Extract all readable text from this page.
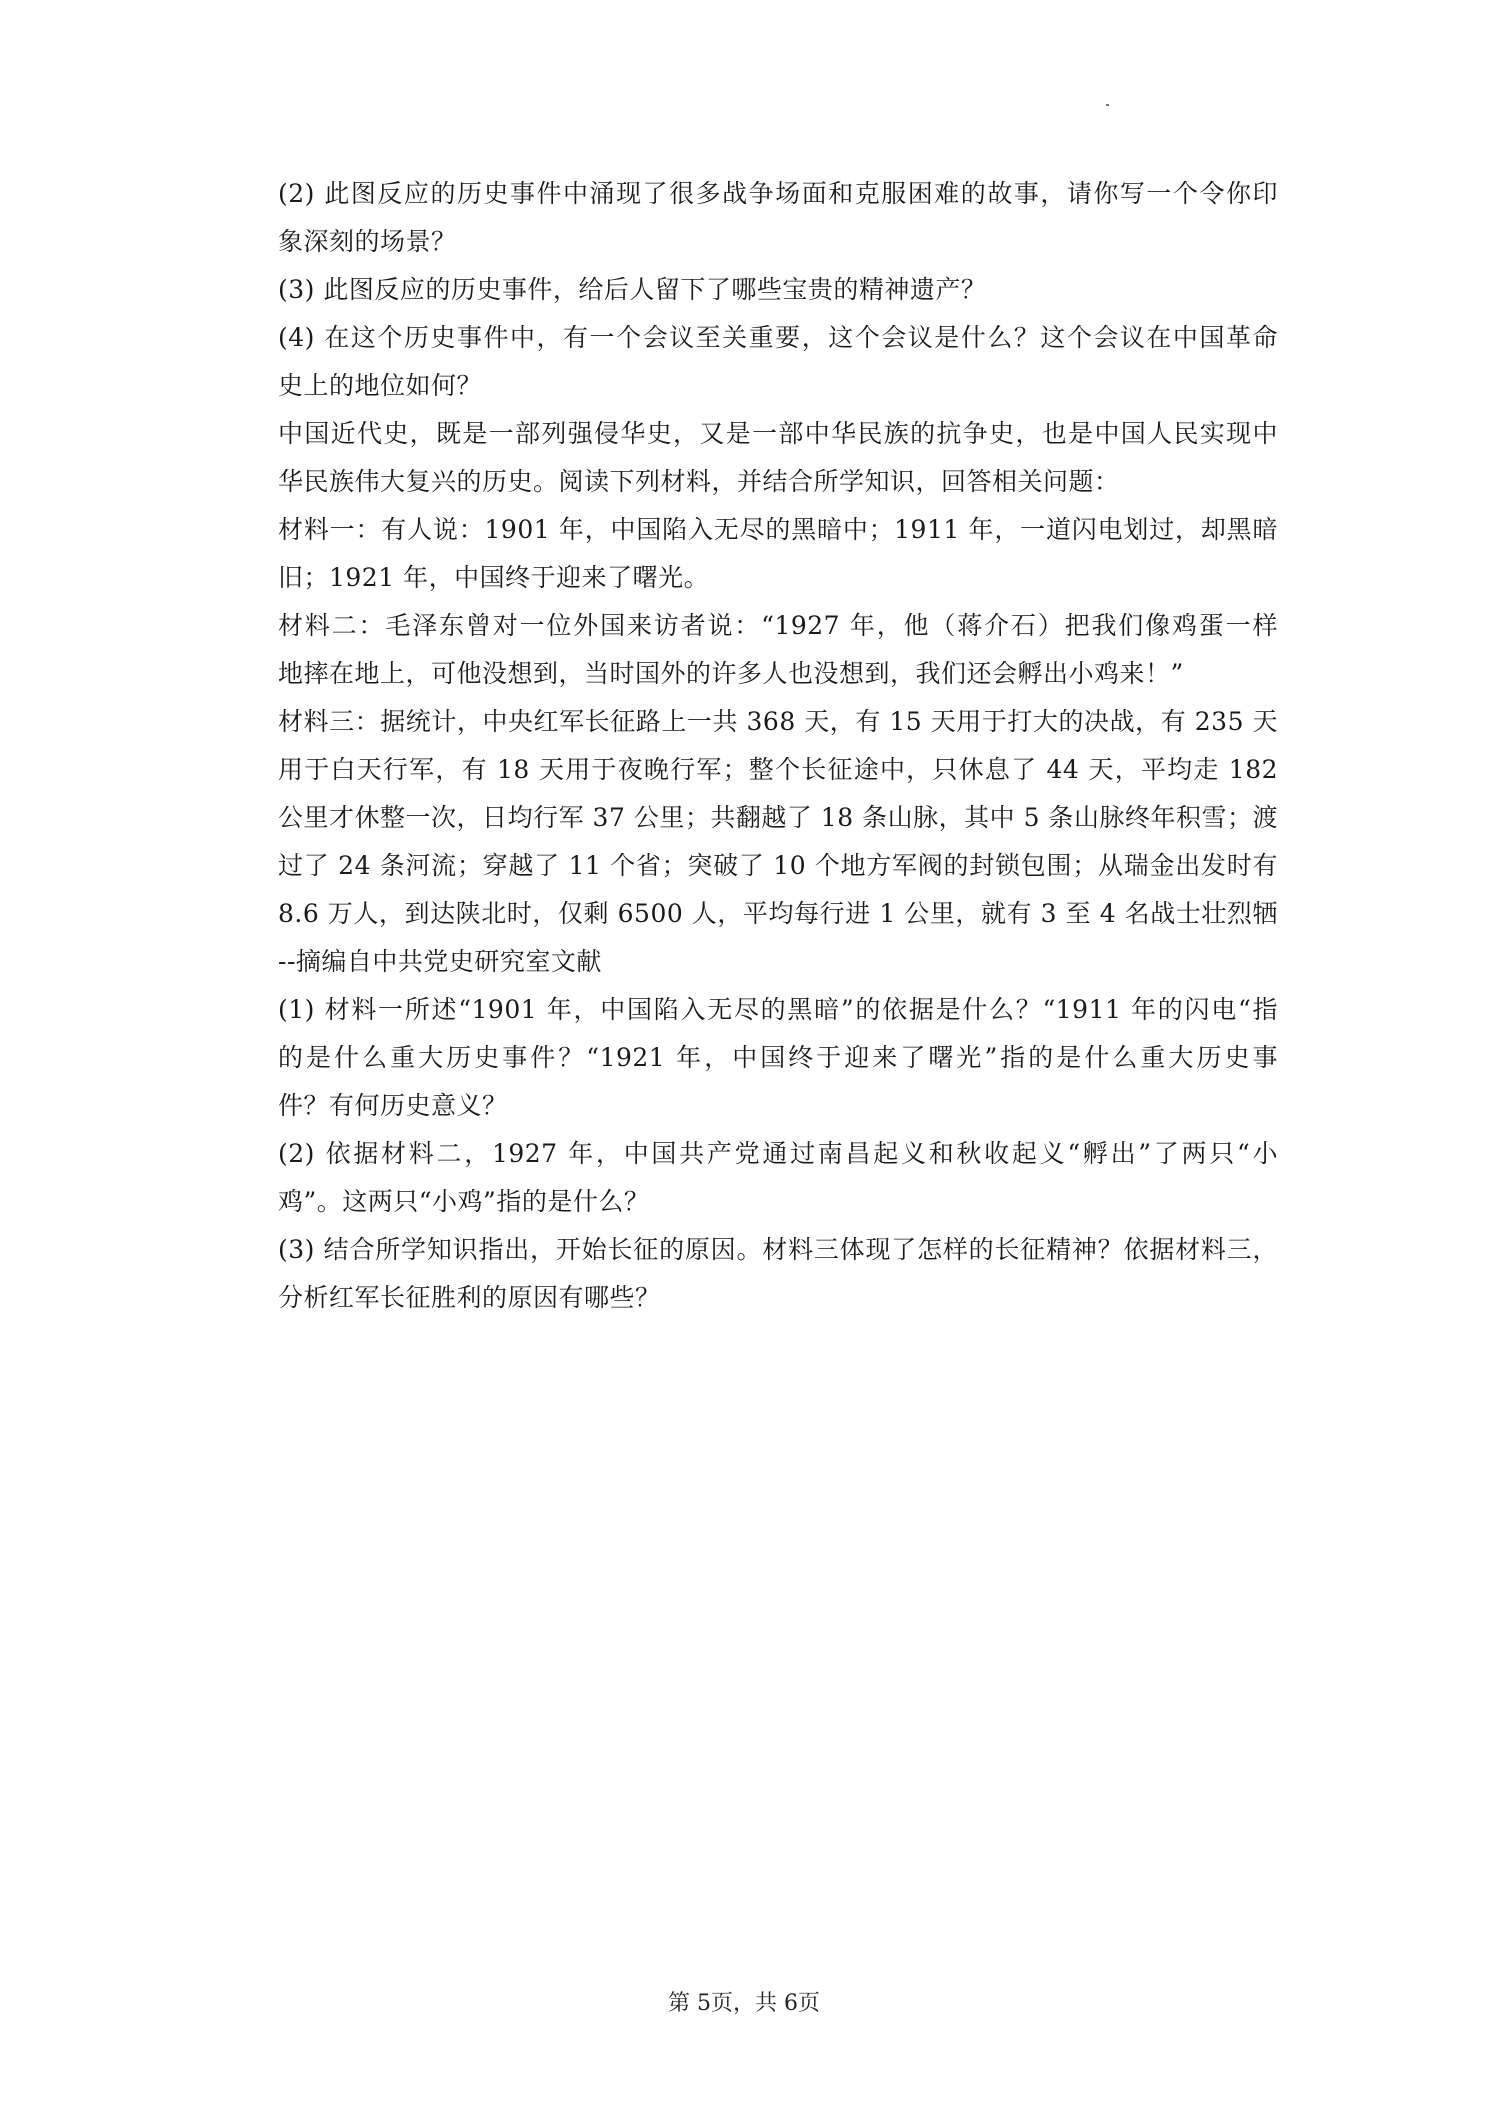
(2) 此图反应的历史事件中涌现了很多战争场面和克服困难的故事，请你写一个令你印
象深刻的场景？
(3) 此图反应的历史事件，给后人留下了哪些宝贵的精神遗产？
(4) 在这个历史事件中，有一个会议至关重要，这个会议是什么？这个会议在中国革命
史上的地位如何？
中国近代史，既是一部列强侵华史，又是一部中华民族的抗争史，也是中国人民实现中
华民族伟大复兴的历史。阅读下列材料，并结合所学知识，回答相关问题：
材料一：有人说：1901 年，中国陷入无尽的黑暗中；1911 年，一道闪电划过，却黑暗
旧；1921 年，中国终于迎来了曙光。
材料二：毛泽东曾对一位外国来访者说：“1927 年，他（蒋介石）把我们像鸡蛋一样
地摔在地上，可他没想到，当时国外的许多人也没想到，我们还会孵出小鸡来！”
材料三：据统计，中央红军长征路上一共 368 天，有 15 天用于打大的决战，有 235 天
用于白天行军，有 18 天用于夜晚行军；整个长征途中，只休息了 44 天，平均走 182
公里才休整一次，日均行军 37 公里；共翻越了 18 条山脉，其中 5 条山脉终年积雪；渡
过了 24 条河流；穿越了 11 个省；突破了 10 个地方军阀的封锁包围；从瑞金出发时有
8.6 万人，到达陕北时，仅剩 6500 人，平均每行进 1 公里，就有 3 至 4 名战士壮烈牺
--摘编自中共党史研究室文献
(1) 材料一所述“1901 年，中国陷入无尽的黑暗”的依据是什么？“1911 年的闪电“指
的是什么重大历史事件？“1921 年，中国终于迎来了曙光”指的是什么重大历史事
件？有何历史意义？
(2) 依据材料二，1927 年，中国共产党通过南昌起义和秋收起义“孵出”了两只“小
鸡”。这两只“小鸡”指的是什么？
(3) 结合所学知识指出，开始长征的原因。材料三体现了怎样的长征精神？依据材料三，
分析红军长征胜利的原因有哪些？
第 5页，共 6页
